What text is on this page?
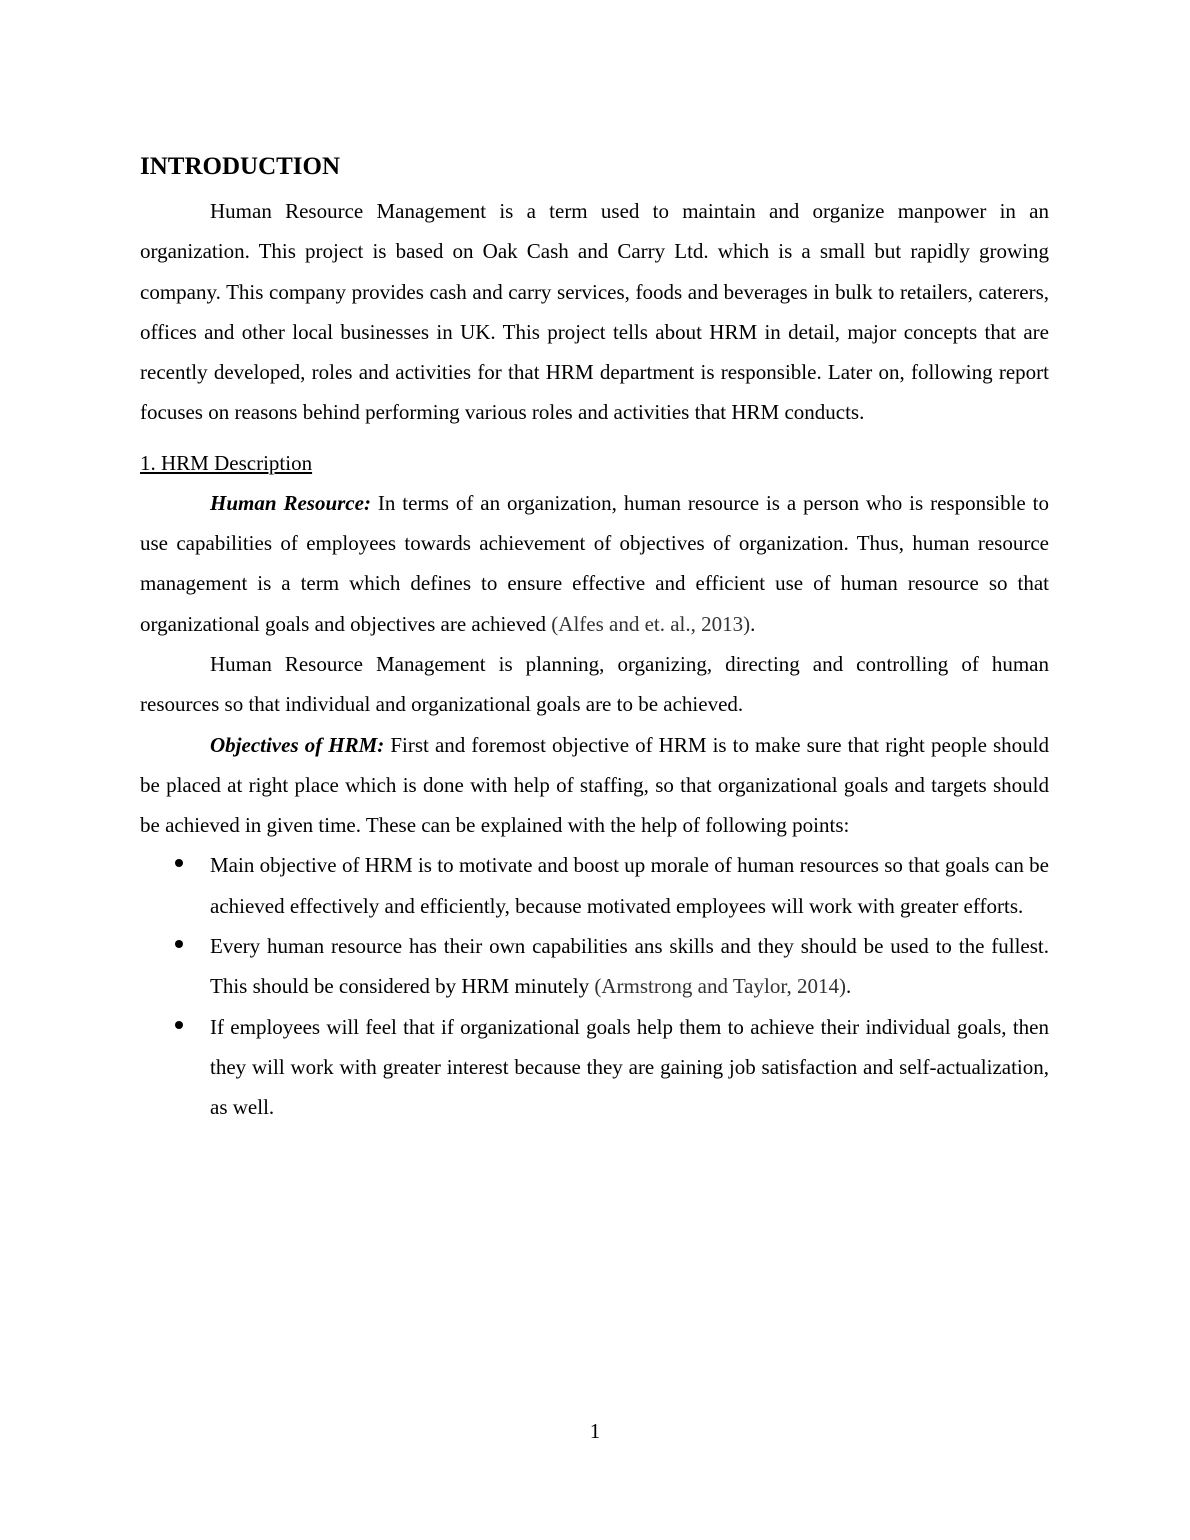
INTRODUCTION

Human Resource Management is a term used to maintain and organize manpower in an organization. This project is based on Oak Cash and Carry Ltd. which is a small but rapidly growing company. This company provides cash and carry services, foods and beverages in bulk to retailers, caterers, offices and other local businesses in UK. This project tells about HRM in detail, major concepts that are recently developed, roles and activities for that HRM department is responsible. Later on, following report focuses on reasons behind performing various roles and activities that HRM conducts.

1. HRM Description

Human Resource: In terms of an organization, human resource is a person who is responsible to use capabilities of employees towards achievement of objectives of organization. Thus, human resource management is a term which defines to ensure effective and efficient use of human resource so that organizational goals and objectives are achieved (Alfes and et. al., 2013).

Human Resource Management is planning, organizing, directing and controlling of human resources so that individual and organizational goals are to be achieved.

Objectives of HRM: First and foremost objective of HRM is to make sure that right people should be placed at right place which is done with help of staffing, so that organizational goals and targets should be achieved in given time. These can be explained with the help of following points:

Main objective of HRM is to motivate and boost up morale of human resources so that goals can be achieved effectively and efficiently, because motivated employees will work with greater efforts.
Every human resource has their own capabilities ans skills and they should be used to the fullest. This should be considered by HRM minutely (Armstrong and Taylor, 2014).
If employees will feel that if organizational goals help them to achieve their individual goals, then they will work with greater interest because they are gaining job satisfaction and self-actualization, as well.
1
